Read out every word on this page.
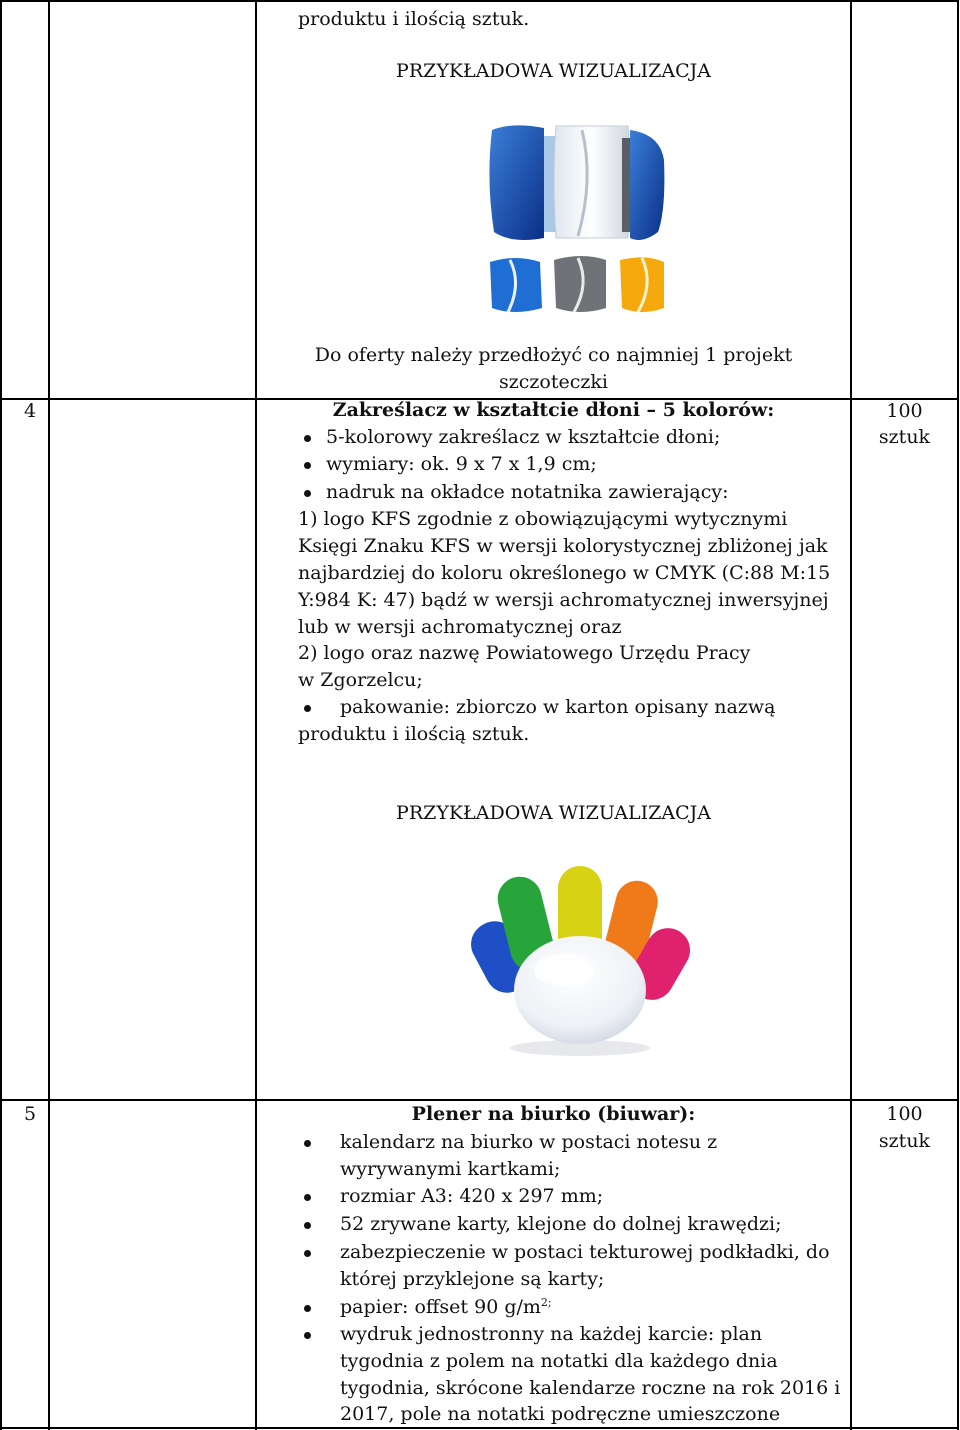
produktu i ilością sztuk.
PRZYKŁADOWA WIZUALIZACJA
Do oferty należy przedłożyć co najmniej 1 projekt
szczoteczki
4	Zakreślacz w kształtcie dłoni – 5 kolorów:
5-kolorowy zakreślacz w kształtcie dłoni;
wymiary: ok. 9 x 7 x 1,9 cm;
nadruk na okładce notatnika zawierający:
1) logo KFS zgodnie z obowiązującymi wytycznymi
Księgi Znaku KFS w wersji kolorystycznej zbliżonej jak
najbardziej do koloru określonego w CMYK (C:88 M:15
Y:984 K: 47) bądź w wersji achromatycznej inwersyjnej
lub w wersji achromatycznej oraz
2) logo oraz nazwę Powiatowego Urzędu Pracy
w Zgorzelcu;
pakowanie: zbiorczo w karton opisany nazwą
produktu i ilością sztuk.
PRZYKŁADOWA WIZUALIZACJA
100
sztuk
5	Plener na biurko (biuwar):
kalendarz na biurko w postaci notesu z
wyrywanymi kartkami;
rozmiar A3: 420 x 297 mm;
52 zrywane karty, klejone do dolnej krawędzi;
zabezpieczenie w postaci tekturowej podkładki, do
której przyklejone są karty;
papier: offset 90 $g/m^{2;}$
wydruk jednostronny na każdej karcie: plan
tygodnia z polem na notatki dla każdego dnia
tygodnia, skrócone kalendarze roczne na rok 2016 i
2017, pole na notatki podręczne umieszczone
100
sztuk
